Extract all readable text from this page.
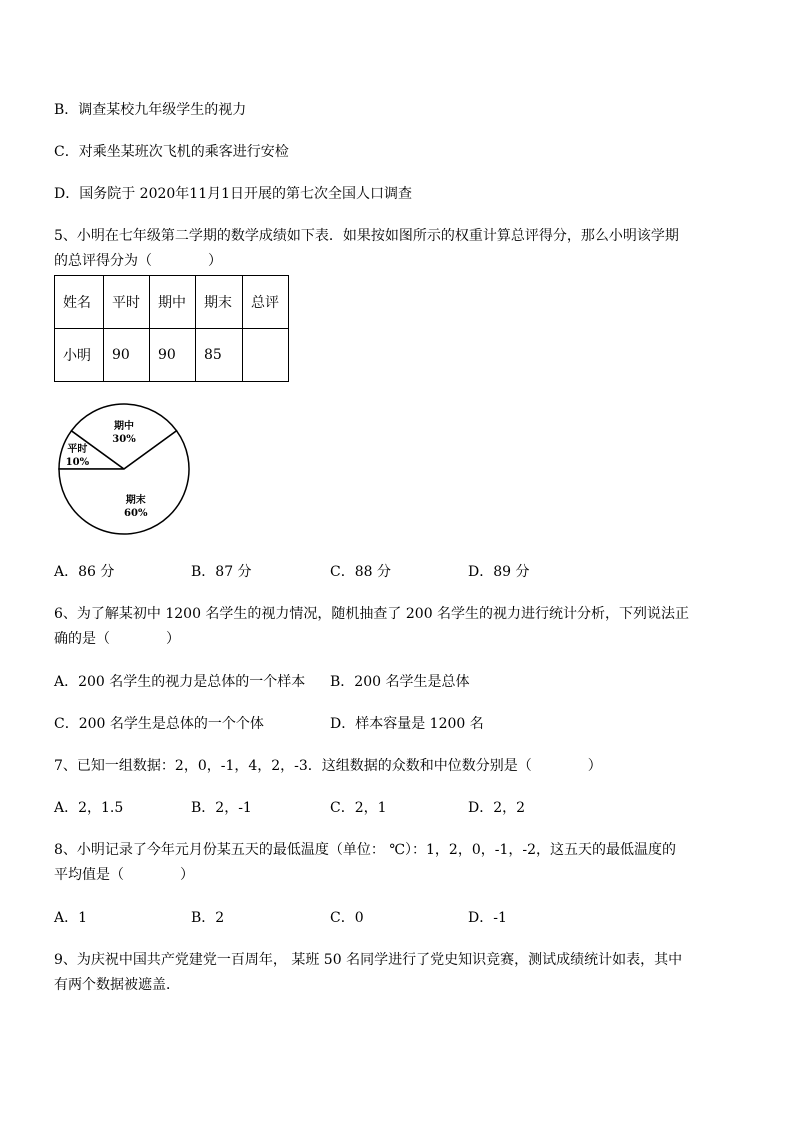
B．调查某校九年级学生的视力
C．对乘坐某班次飞机的乘客进行安检
D．国务院于 2020年11月1日开展的第七次全国人口调查
5、小明在七年级第二学期的数学成绩如下表．如果按如图所示的权重计算总评得分，那么小明该学期
的总评得分为（　　　　）
姓名	平时	期中	期末	总评
小明	90	90	85	
平时
10%
期中
30%
期末
60%
A．86 分	B．87 分	C．88 分	D．89 分
6、为了解某初中 1200 名学生的视力情况，随机抽查了 200 名学生的视力进行统计分析，下列说法正
确的是（　　　　）
A．200 名学生的视力是总体的一个样本 B．200 名学生是总体
C．200 名学生是总体的一个个体	D．样本容量是 1200 名
7、已知一组数据：2，0，-1，4，2，-3．这组数据的众数和中位数分别是（　　　　）
A．2，1.5	B．2，-1	C．2，1	D．2，2
8、小明记录了今年元月份某五天的最低温度（单位： ℃）：1，2，0，-1，-2，这五天的最低温度的
平均值是（　　　　）
A．1	B．2	C．0	D．-1
9、为庆祝中国共产党建党一百周年， 某班 50 名同学进行了党史知识竞赛，测试成绩统计如表，其中
有两个数据被遮盖．
